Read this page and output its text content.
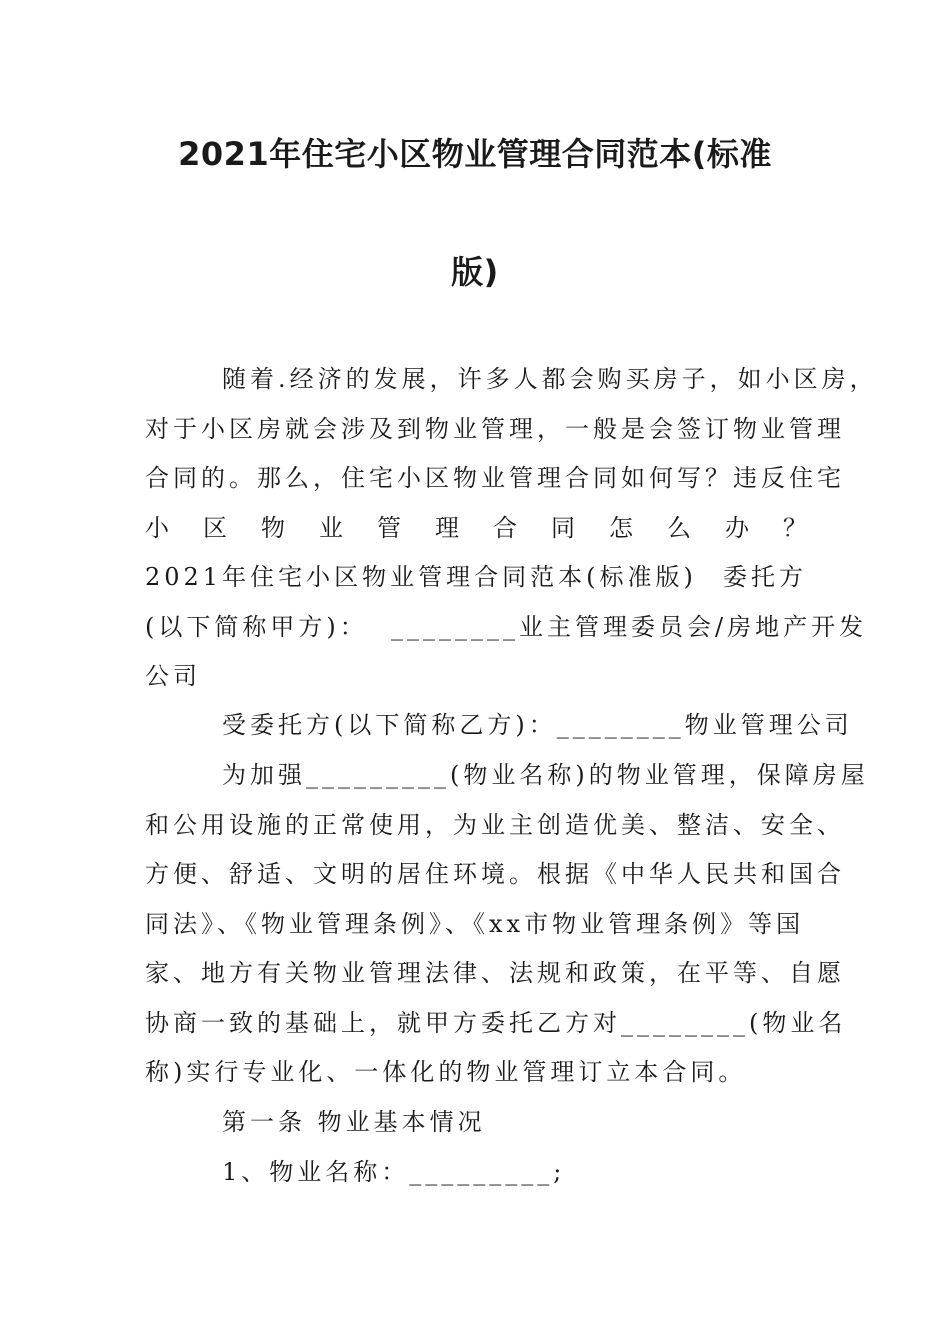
2021年住宅小区物业管理合同范本(标准
版)
随着.经济的发展，许多人都会购买房子，如小区房，
对于小区房就会涉及到物业管理，一般是会签订物业管理
合同的。那么，住宅小区物业管理合同如何写？违反住宅
小 区 物 业 管 理 合 同 怎 么 办 ？
2021年住宅小区物业管理合同范本(标准版) 委托方
(以下简称甲方)：  ________业主管理委员会/房地产开发
公司
受委托方(以下简称乙方)：________物业管理公司
为加强_________(物业名称)的物业管理，保障房屋
和公用设施的正常使用，为业主创造优美、整洁、安全、
方便、舒适、文明的居住环境。根据《中华人民共和国合
同法》、《物业管理条例》、《xx市物业管理条例》等国
家、地方有关物业管理法律、法规和政策，在平等、自愿
协商一致的基础上，就甲方委托乙方对________(物业名
称)实行专业化、一体化的物业管理订立本合同。
第一条 物业基本情况
1、物业名称：_________;
